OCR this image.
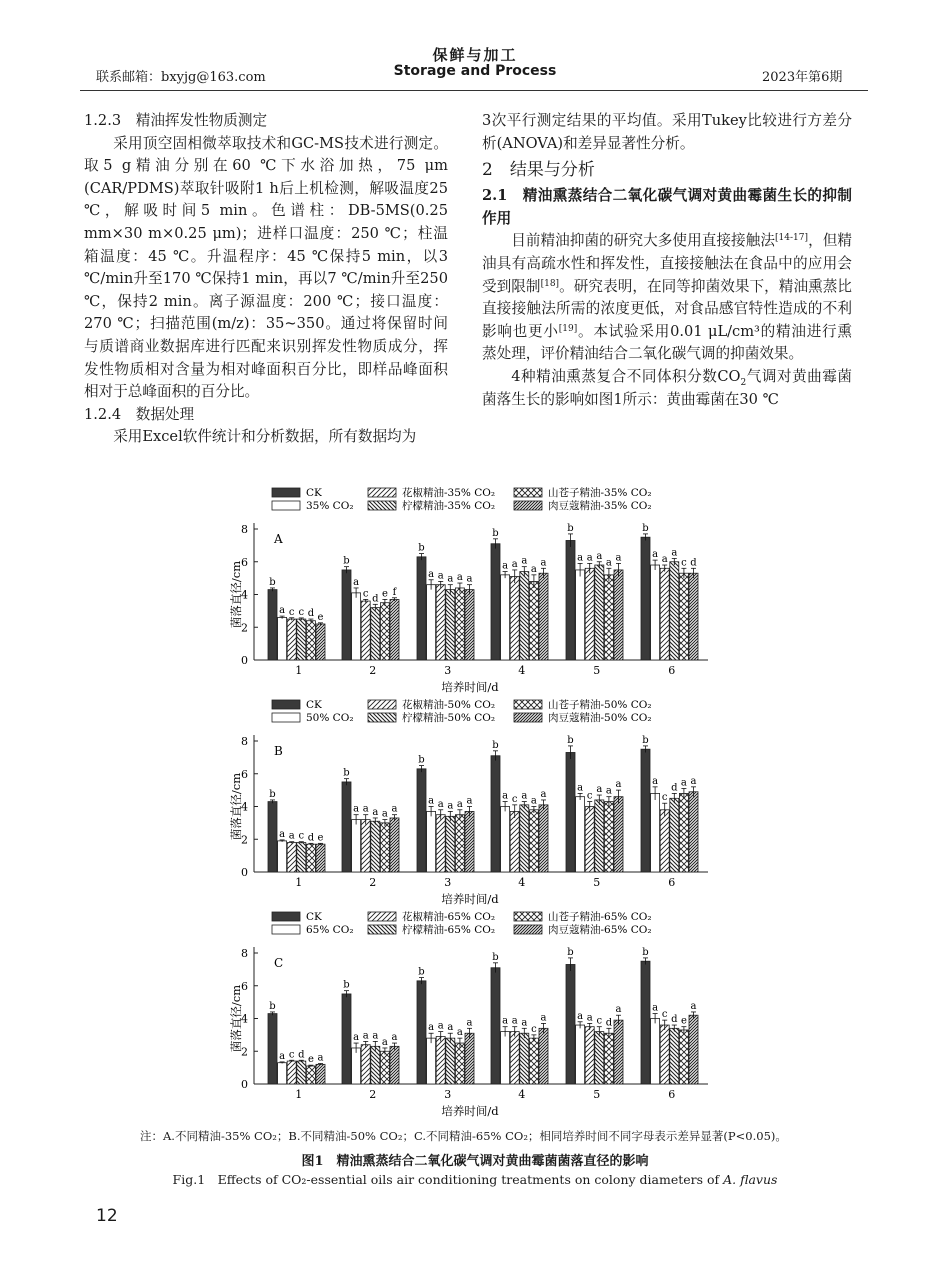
联系邮箱：bxyjg@163.com
保鲜与加工
Storage and Process	2023年第6期

1.2.3　精油挥发性物质测定

采用顶空固相微萃取技术和GC-MS技术进行测定。取5 g精油分别在60 ℃下水浴加热，75 μm (CAR/PDMS)萃取针吸附1 h后上机检测，解吸温度25 ℃，解吸时间5 min。色谱柱：DB-5MS(0.25 mm×30 m×0.25 μm)；进样口温度：250 ℃；柱温箱温度：45 ℃。升温程序：45 ℃保持5 min，以3 ℃/min升至170 ℃保持1 min，再以7 ℃/min升至250 ℃，保持2 min。离子源温度：200 ℃；接口温度：270 ℃；扫描范围(m/z)：35~350。通过将保留时间与质谱商业数据库进行匹配来识别挥发性物质成分，挥发性物质相对含量为相对峰面积百分比，即样品峰面积相对于总峰面积的百分比。

1.2.4　数据处理

采用Excel软件统计和分析数据，所有数据均为

3次平行测定结果的平均值。采用Tukey比较进行方差分析(ANOVA)和差异显著性分析。

2　结果与分析

2.1　精油熏蒸结合二氧化碳气调对黄曲霉菌生长的抑制作用

目前精油抑菌的研究大多使用直接接触法[14-17]，但精油具有高疏水性和挥发性，直接接触法在食品中的应用会受到限制[18]。研究表明，在同等抑菌效果下，精油熏蒸比直接接触法所需的浓度更低，对食品感官特性造成的不利影响也更小[19]。本试验采用0.01 μL/cm³的精油进行熏蒸处理，评价精油结合二氧化碳气调的抑菌效果。

4种精油熏蒸复合不同体积分数$CO_2$气调对黄曲霉菌菌落生长的影响如图1所示：黄曲霉菌在30 ℃

CK
35% CO₂
花椒精油-35% CO₂
柠檬精油-35% CO₂
山苍子精油-35% CO₂
肉豆蔻精油-35% CO₂
0
2
4
6
8
A
菌落直径/cm
培养时间/d
1
b
a c c d e
2
b
a
c d e f
3
b
a a a a a
4
b
a a a
a
a
5
b
a a a
a a
6
b
a a
a
c d
CK
50% CO₂
花椒精油-50% CO₂
柠檬精油-50% CO₂
山苍子精油-50% CO₂
肉豆蔻精油-50% CO₂
0
2
4
6
8
B
菌落直径/cm
培养时间/d
1
b
a a c d e
2
b
a a a a a
3
b
a a a a a
4
b
a c a a
a
5
b
a
c
a a
a
6
b
a
c
d a a
CK
65% CO₂
花椒精油-65% CO₂
柠檬精油-65% CO₂
山苍子精油-65% CO₂
肉豆蔻精油-65% CO₂
0
2
4
6
8
C
菌落直径/cm
培养时间/d
1
b
a c d e a
2
b
a a a
a a
3
b
a a a a
a
4
b
a a a
c
a
5
b
a a c d
a
6
b
a
c d e
a
注：A.不同精油-35% CO₂；B.不同精油-50% CO₂；C.不同精油-65% CO₂；相同培养时间不同字母表示差异显著(P<0.05)。
图1　精油熏蒸结合二氧化碳气调对黄曲霉菌菌落直径的影响
Fig.1　Effects of CO₂-essential oils air conditioning treatments on colony diameters of A. flavus
12
